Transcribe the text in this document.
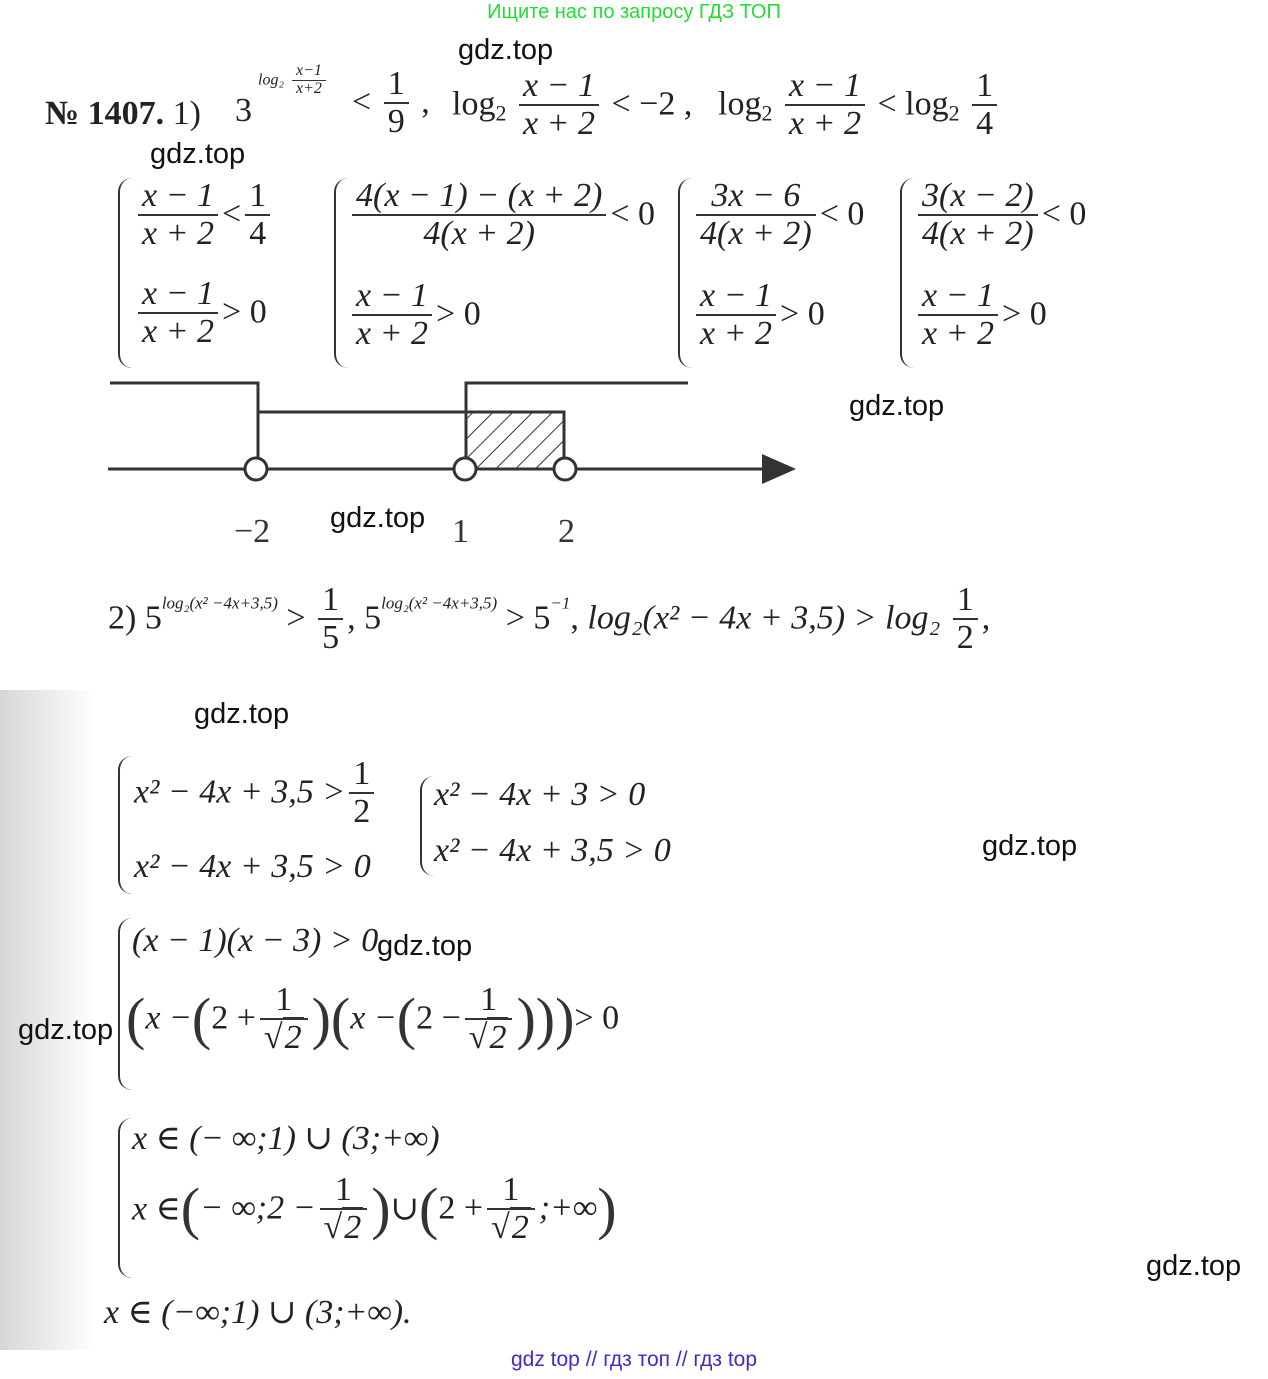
Ищите нас по запросу ГДЗ ТОП
№ 1407. 1) 3
$\log_2 \frac{x-1}{x+2}$
< $\frac{1}{9}$ , $\log_2 \frac{x - 1}{x + 2} < -2$ , $\log_2 \frac{x - 1}{x + 2} < \log_2 \frac{1}{4}$
$\frac{x - 1}{x + 2} < \frac{1}{4}$
$\frac{x - 1}{x + 2} > 0$
$\frac{4(x - 1) - (x + 2)}{4(x + 2)} < 0$
$\frac{x - 1}{x + 2} > 0$
$\frac{3x - 6}{4(x + 2)} < 0$
$\frac{x - 1}{x + 2} > 0$
$\frac{3(x - 2)}{4(x + 2)} < 0$
$\frac{x - 1}{x + 2} > 0$
−2	1	2
2) $5^{log_2(x^2 -4x+3,5)} > \frac{1}{5}$ , $5^{log_2(x^2 -4x+3,5)} > 5^{-1}$, $\log_2(x^2 - 4x + 3,5) > \log_2 \frac{1}{2}$ ,
$x^2 - 4x + 3,5 > \frac{1}{2}$
x² − 4x + 3,5 > 0
x² − 4x + 3 > 0
x² − 4x + 3,5 > 0
(x − 1)(x − 3) > 0
($x -(2 + \frac{1}{√2} )(x -(2 - \frac{1}{√2}$ )))> 0
x ∈ (− ∞;1) ∪ (3;+∞)
x ∈(− ∞;2 − $\frac{1}{√2}$ )∪(2 + $\frac{1}{√2}$ ;+∞)
x ∈ (−∞;1) ∪ (3;+∞).
gdz.top
gdz.top
gdz.top
gdz.top
gdz.top
gdz.top
gdz.top
gdz.top
gdz.top
gdz top // гдз топ // гдз top
